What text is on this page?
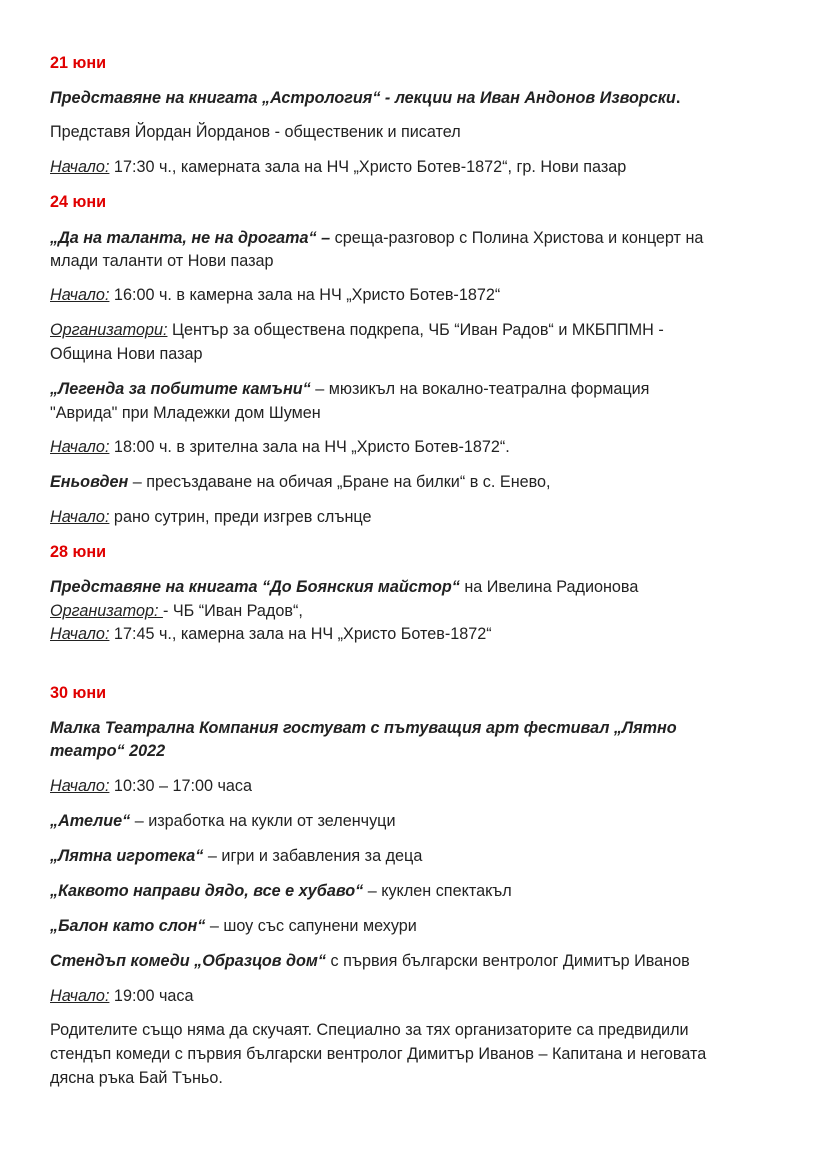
21 юни
Представяне на книгата „Астрология“ - лекции на Иван Андонов Изворски.
Представя Йордан Йорданов - общественик и писател
Начало: 17:30 ч., камерната зала на НЧ „Христо Ботев-1872“, гр. Нови пазар
24 юни
„Да на таланта, не на дрогата“ – среща-разговор с Полина Христова и концерт на
млади таланти от Нови пазар
Начало: 16:00 ч. в камерна зала на НЧ „Христо Ботев-1872“
Организатори: Център за обществена подкрепа, ЧБ “Иван Радов“ и МКБППМН -
Община Нови пазар
„Легенда за побитите камъни“ – мюзикъл на вокално-театрална формация
"Аврида" при Младежки дом Шумен
Начало: 18:00 ч. в зрителна зала на НЧ „Христо Ботев-1872“.
Еньовден – пресъздаване на обичая „Бране на билки“ в с. Енево,
Начало: рано сутрин, преди изгрев слънце
28 юни
Представяне на книгата “До Боянския майстор“ на Ивелина Радионова
Организатор: - ЧБ “Иван Радов“,
Начало: 17:45 ч., камерна зала на НЧ „Христо Ботев-1872“
30 юни
Малка Театрална Компания гостуват с пътуващия арт фестивал „Лятно
театро“ 2022
Начало: 10:30 – 17:00 часа
„Ателие“ – изработка на кукли от зеленчуци
„Лятна игротека“ – игри и забавления за деца
„Каквото направи дядо, все е хубаво“ – куклен спектакъл
„Балон като слон“ – шоу със сапунени мехури
Стендъп комеди „Образцов дом“ с първия български вентролог Димитър Иванов
Начало: 19:00 часа
Родителите също няма да скучаят. Специално за тях организаторите са предвидили
стендъп комеди с първия български вентролог Димитър Иванов – Капитана и неговата
дясна ръка Бай Тъньо.
